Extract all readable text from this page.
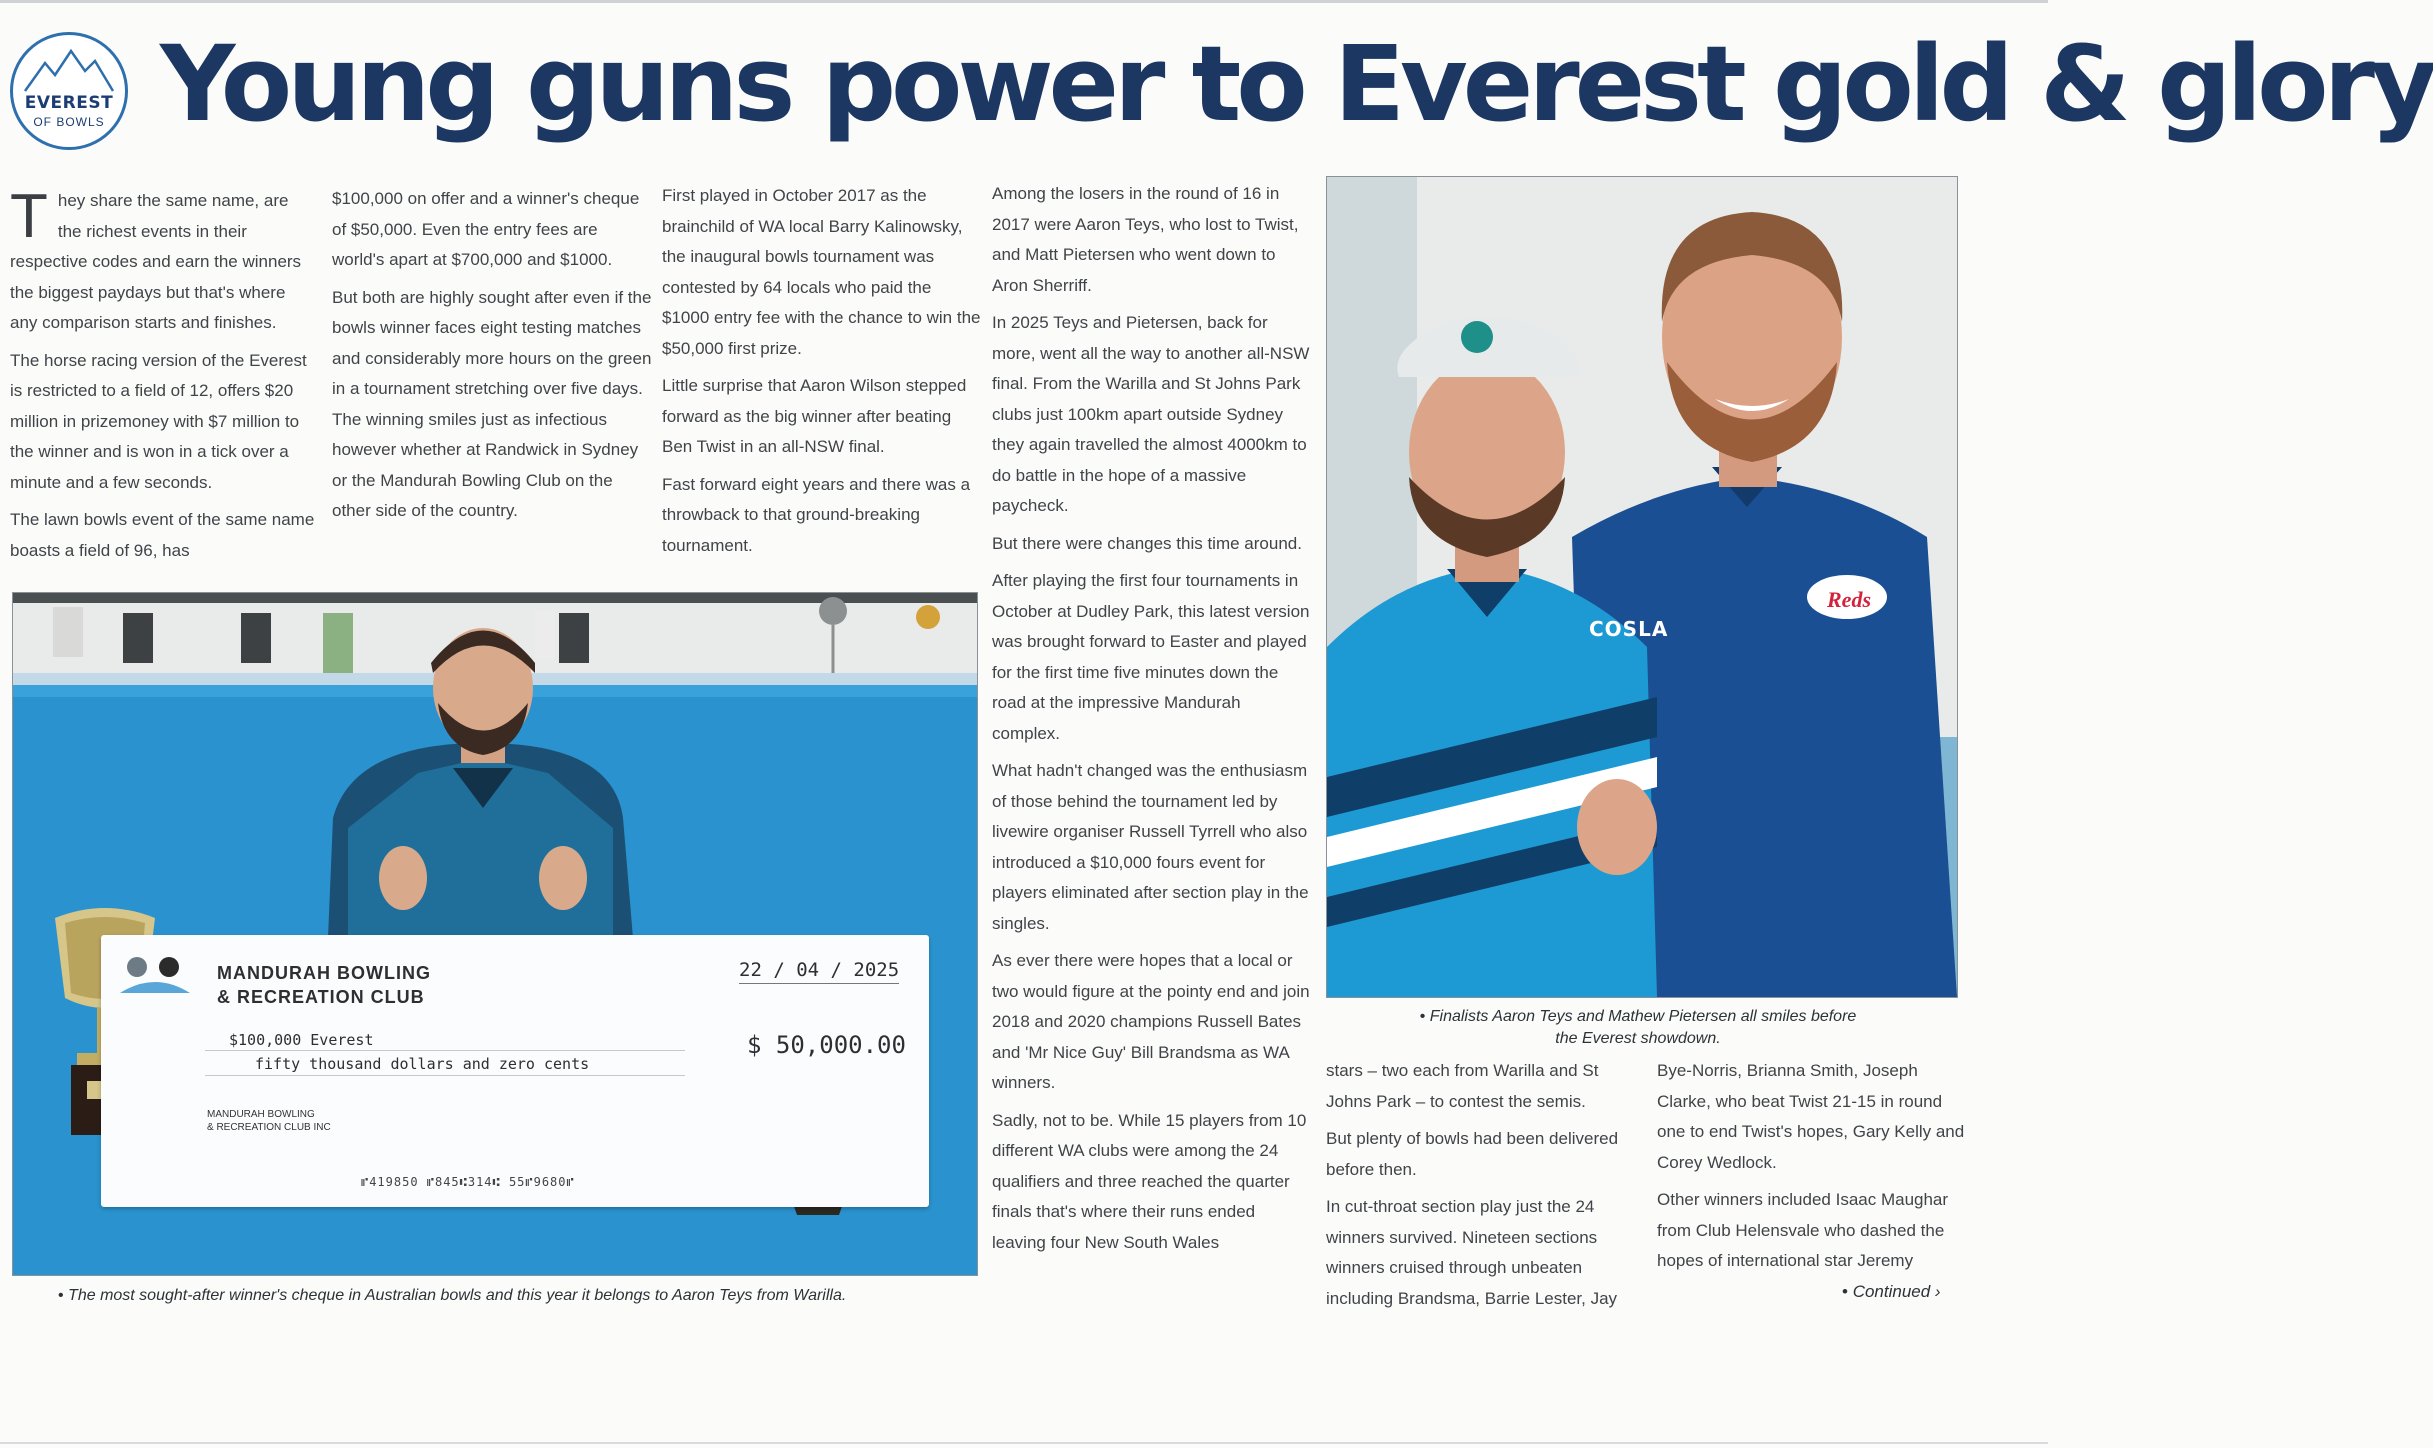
EVEREST
OF BOWLS Young guns power to Everest gold & glory

They share the same name, are the richest events in their respective codes and earn the winners the biggest paydays but that's where any comparison starts and finishes.

The horse racing version of the Everest is restricted to a field of 12, offers $20 million in prizemoney with $7 million to the winner and is won in a tick over a minute and a few seconds.

The lawn bowls event of the same name boasts a field of 96, has

$100,000 on offer and a winner's cheque of $50,000. Even the entry fees are world's apart at $700,000 and $1000.

But both are highly sought after even if the bowls winner faces eight testing matches and considerably more hours on the green in a tournament stretching over five days. The winning smiles just as infectious however whether at Randwick in Sydney or the Mandurah Bowling Club on the other side of the country.

First played in October 2017 as the brainchild of WA local Barry Kalinowsky, the inaugural bowls tournament was contested by 64 locals who paid the $1000 entry fee with the chance to win the $50,000 first prize.

Little surprise that Aaron Wilson stepped forward as the big winner after beating Ben Twist in an all-NSW final.

Fast forward eight years and there was a throwback to that ground-breaking tournament.

Among the losers in the round of 16 in 2017 were Aaron Teys, who lost to Twist, and Matt Pietersen who went down to Aron Sherriff.

In 2025 Teys and Pietersen, back for more, went all the way to another all-NSW final. From the Warilla and St Johns Park clubs just 100km apart outside Sydney they again travelled the almost 4000km to do battle in the hope of a massive paycheck.

But there were changes this time around.

After playing the first four tournaments in October at Dudley Park, this latest version was brought forward to Easter and played for the first time five minutes down the road at the impressive Mandurah complex.

What hadn't changed was the enthusiasm of those behind the tournament led by livewire organiser Russell Tyrrell who also introduced a $10,000 fours event for players eliminated after section play in the singles.

As ever there were hopes that a local or two would figure at the pointy end and join 2018 and 2020 champions Russell Bates and 'Mr Nice Guy' Bill Brandsma as WA winners.

Sadly, not to be. While 15 players from 10 different WA clubs were among the 24 qualifiers and three reached the quarter finals that's where their runs ended leaving four New South Wales

MANDURAH BOWLING
& RECREATION CLUB
22 / 04 / 2025
$100,000 Everest
fifty thousand dollars and zero cents
$ 50,000.00
MANDURAH BOWLING
& RECREATION CLUB INC
⑈419850 ⑈845⑆314⑆ 55⑈9680⑈
COSLA
Reds
• The most sought-after winner's cheque in Australian bowls and this year it belongs to Aaron Teys from Warilla.
• Finalists Aaron Teys and Mathew Pietersen all smiles before
the Everest showdown.

stars – two each from Warilla and St Johns Park – to contest the semis.

But plenty of bowls had been delivered before then.

In cut-throat section play just the 24 winners survived. Nineteen sections winners cruised through unbeaten including Brandsma, Barrie Lester, Jay

Bye-Norris, Brianna Smith, Joseph Clarke, who beat Twist 21-15 in round one to end Twist's hopes, Gary Kelly and Corey Wedlock.

Other winners included Isaac Maughar from Club Helensvale who dashed the hopes of international star Jeremy

• Continued ›
